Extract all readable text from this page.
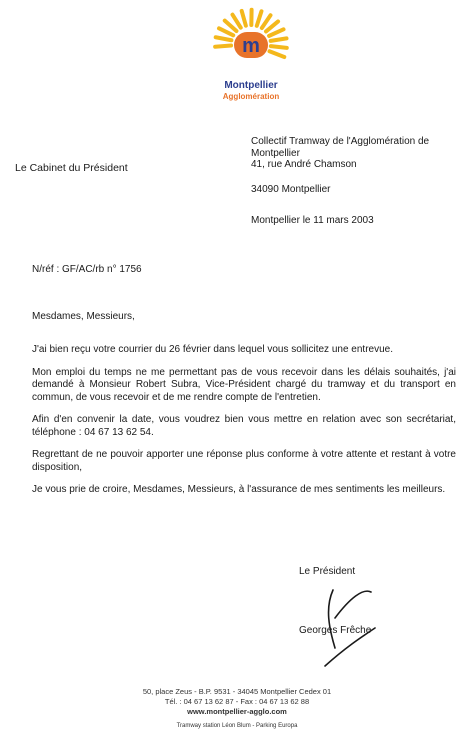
m
Montpellier
Agglomération
Le Cabinet du Président
Collectif Tramway de l'Agglomération de
Montpellier
41, rue André Chamson
34090 Montpellier
Montpellier le 11 mars 2003
N/réf : GF/AC/rb n° 1756
Mesdames, Messieurs,

J'ai bien reçu votre courrier du 26 février dans lequel vous sollicitez une entrevue.

Mon emploi du temps ne me permettant pas de vous recevoir dans les délais souhaités, j'ai demandé à Monsieur Robert Subra, Vice-Président chargé du tramway et du transport en commun, de vous recevoir et de me rendre compte de l'entretien.

Afin d'en convenir la date, vous voudrez bien vous mettre en relation avec son secrétariat, téléphone : 04 67 13 62 54.

Regrettant de ne pouvoir apporter une réponse plus conforme à votre attente et restant à votre disposition,

Je vous prie de croire, Mesdames, Messieurs, à l'assurance de mes sentiments les meilleurs.

Le Président
Georges Frêche
50, place Zeus - B.P. 9531 - 34045 Montpellier Cedex 01
Tél. : 04 67 13 62 87 - Fax : 04 67 13 62 88
www.montpellier-agglo.com
Tramway station Léon Blum - Parking Europa
